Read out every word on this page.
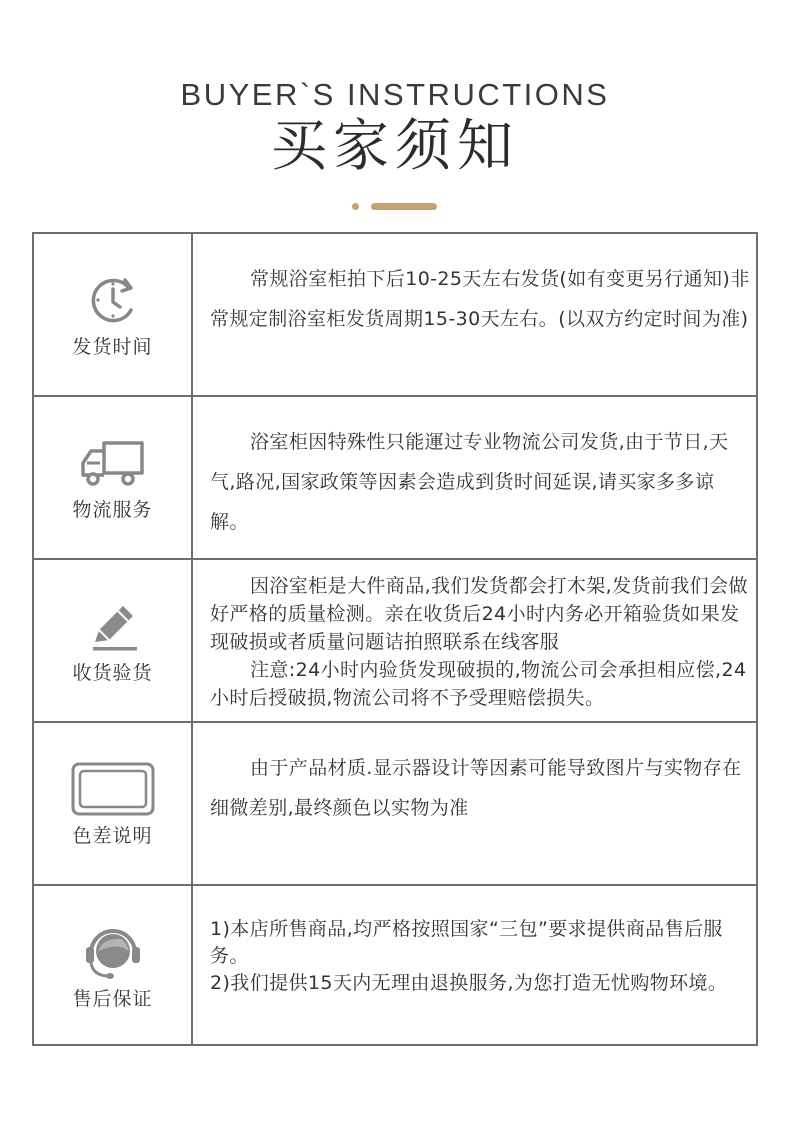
BUYER`S INSTRUCTIONS
买家须知
发货时间

常规浴室柜拍下后10-25天左右发货(如有变更另行通知)非常规定制浴室柜发货周期15-30天左右。(以双方约定时间为准)

物流服务

浴室柜因特殊性只能運过专业物流公司发货,由于节日,天气,路况,国家政策等因素会造成到货时间延误,请买家多多谅解。

收货验货

因浴室柜是大件商品,我们发货都会打木架,发货前我们会做好严格的质量检测。亲在收货后24小时内务必开箱验货如果发现破损或者质量问题诘拍照联系在线客服

注意:24小时内验货发现破损的,物流公司会承担相应偿,24小时后授破损,物流公司将不予受理赔偿损失。

色差说明

由于产品材质.显示器设计等因素可能导致图片与实物存在细微差别,最终颜色以实物为准

售后保证

1)本店所售商品,均严格按照国家“三包”要求提供商品售后服务。

2)我们提供15天内无理由退换服务,为您打造无忧购物环境。
